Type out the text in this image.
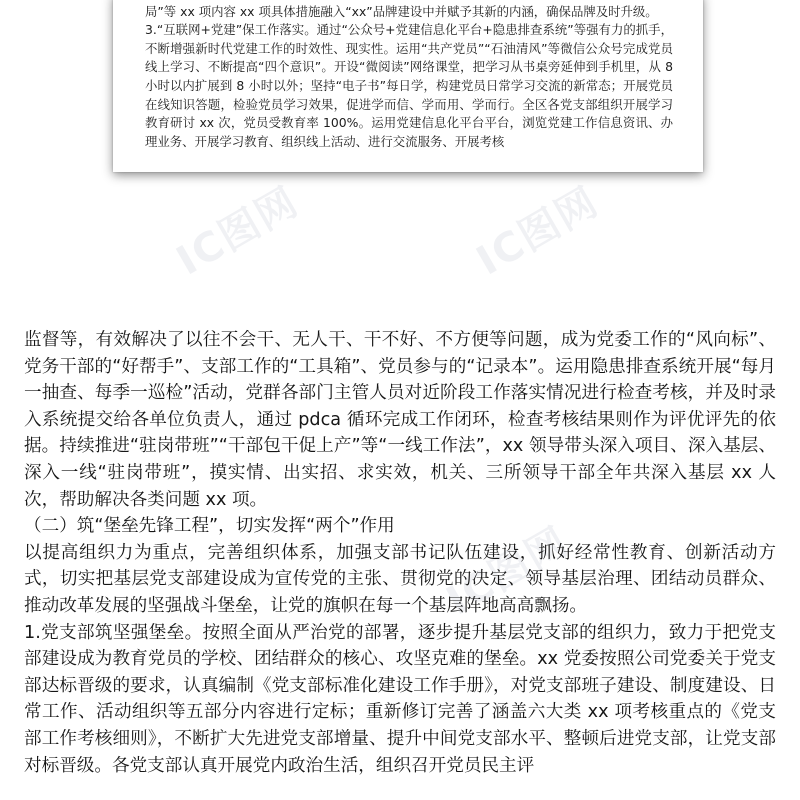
局”等 xx 项内容 xx 项具体措施融入“xx”品牌建设中并赋予其新的内涵，确保品牌及时升级。

3.“互联网+党建”保工作落实。通过“公众号+党建信息化平台+隐患排查系统”等强有力的抓手，不断增强新时代党建工作的时效性、现实性。运用“共产党员”“石油清风”等微信公众号完成党员线上学习、不断提高“四个意识”。开设“微阅读”网络课堂，把学习从书桌旁延伸到手机里，从 8 小时以内扩展到 8 小时以外；坚持“电子书”每日学，构建党员日常学习交流的新常态；开展党员在线知识答题，检验党员学习效果，促进学而信、学而用、学而行。全区各党支部组织开展学习教育研讨 xx 次，党员受教育率 100%。运用党建信息化平台平台，浏览党建工作信息资讯、办理业务、开展学习教育、组织线上活动、进行交流服务、开展考核

IC图网	IC图网
IC图网

监督等，有效解决了以往不会干、无人干、干不好、不方便等问题，成为党委工作的“风向标”、党务干部的“好帮手”、支部工作的“工具箱”、党员参与的“记录本”。运用隐患排查系统开展“每月一抽查、每季一巡检”活动，党群各部门主管人员对近阶段工作落实情况进行检查考核，并及时录入系统提交给各单位负责人，通过 pdca 循环完成工作闭环，检查考核结果则作为评优评先的依据。持续推进“驻岗带班”“干部包干促上产”等“一线工作法”，xx 领导带头深入项目、深入基层、深入一线“驻岗带班”，摸实情、出实招、求实效，机关、三所领导干部全年共深入基层 xx 人次，帮助解决各类问题 xx 项。

（二）筑“堡垒先锋工程”，切实发挥“两个”作用

以提高组织力为重点，完善组织体系，加强支部书记队伍建设，抓好经常性教育、创新活动方式，切实把基层党支部建设成为宣传党的主张、贯彻党的决定、领导基层治理、团结动员群众、推动改革发展的坚强战斗堡垒，让党的旗帜在每一个基层阵地高高飘扬。

1.党支部筑坚强堡垒。按照全面从严治党的部署，逐步提升基层党支部的组织力，致力于把党支部建设成为教育党员的学校、团结群众的核心、攻坚克难的堡垒。xx 党委按照公司党委关于党支部达标晋级的要求，认真编制《党支部标准化建设工作手册》，对党支部班子建设、制度建设、日常工作、活动组织等五部分内容进行定标；重新修订完善了涵盖六大类 xx 项考核重点的《党支部工作考核细则》，不断扩大先进党支部增量、提升中间党支部水平、整顿后进党支部，让党支部对标晋级。各党支部认真开展党内政治生活，组织召开党员民主评
